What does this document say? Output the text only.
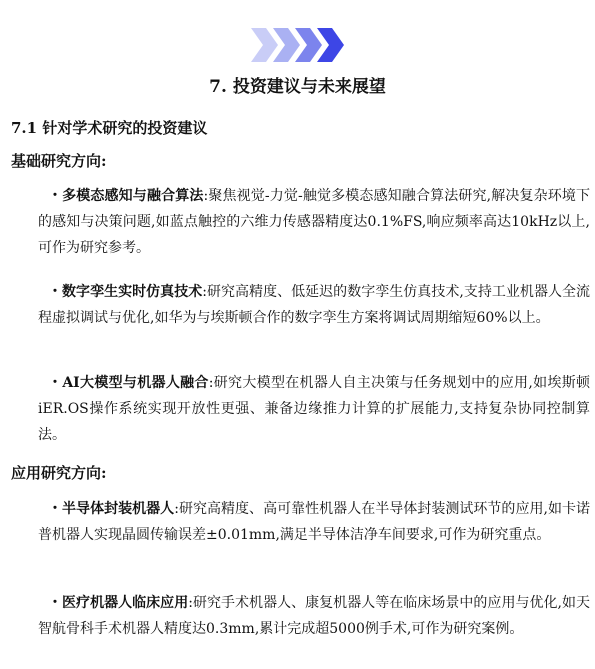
7. 投资建议与未来展望
7.1 针对学术研究的投资建议
基础研究方向:

・多模态感知与融合算法:聚焦视觉-力觉-触觉多模态感知融合算法研究,解决复杂环境下的感知与决策问题,如蓝点触控的六维力传感器精度达0.1%FS,响应频率高达10kHz以上,可作为研究参考。

・数字孪生实时仿真技术:研究高精度、低延迟的数字孪生仿真技术,支持工业机器人全流程虚拟调试与优化,如华为与埃斯顿合作的数字孪生方案将调试周期缩短60%以上。

・AI大模型与机器人融合:研究大模型在机器人自主决策与任务规划中的应用,如埃斯顿iER.OS操作系统实现开放性更强、兼备边缘推力计算的扩展能力,支持复杂协同控制算法。

应用研究方向:

・半导体封装机器人:研究高精度、高可靠性机器人在半导体封装测试环节的应用,如卡诺普机器人实现晶圆传输误差±0.01mm,满足半导体洁净车间要求,可作为研究重点。

・医疗机器人临床应用:研究手术机器人、康复机器人等在临床场景中的应用与优化,如天智航骨科手术机器人精度达0.3mm,累计完成超5000例手术,可作为研究案例。
